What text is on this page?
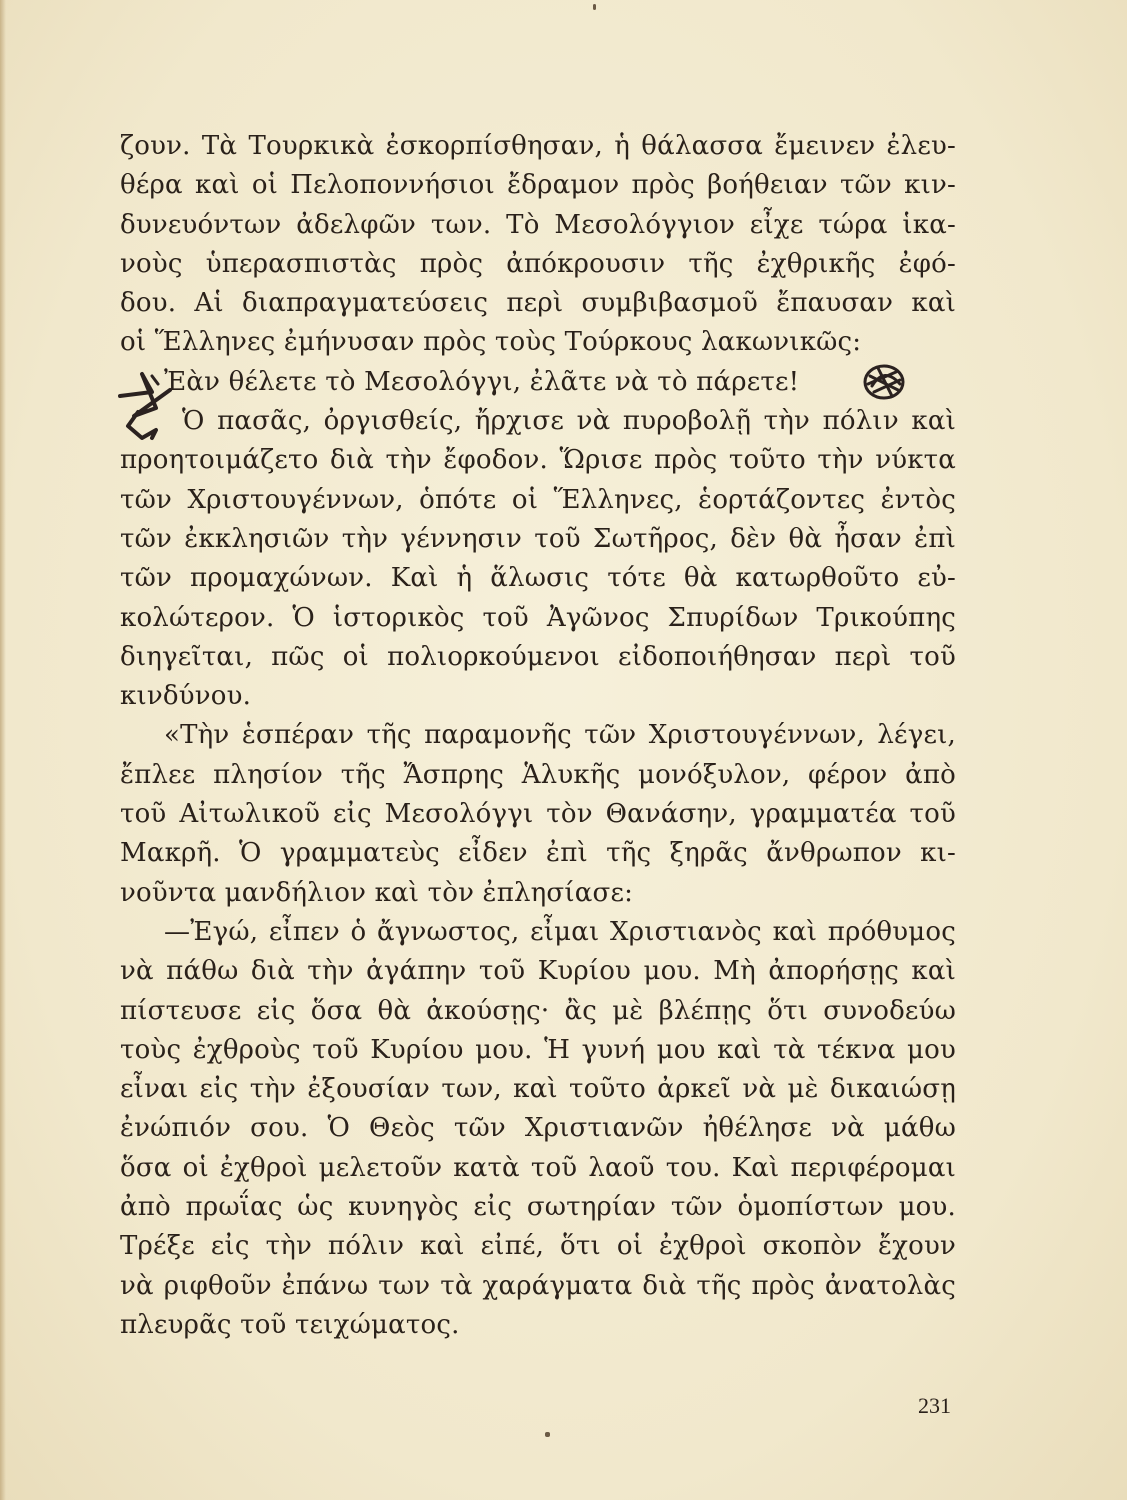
ζουν. Τὰ Τουρκικὰ ἐσκορπίσθησαν, ἡ θάλασσα ἔμεινεν ἐλευ-
θέρα καὶ οἱ Πελοποννήσιοι ἔδραμον πρὸς βοήθειαν τῶν κιν-
δυνευόντων ἀδελφῶν των. Τὸ Μεσολόγγιον εἶχε τώρα ἱκα-
νοὺς ὑπερασπιστὰς πρὸς ἀπόκρουσιν τῆς ἐχθρικῆς ἐφό-
δου. Αἱ διαπραγματεύσεις περὶ συμβιβασμοῦ ἔπαυσαν καὶ
οἱ Ἕλληνες ἐμήνυσαν πρὸς τοὺς Τούρκους λακωνικῶς:
Ἐὰν θέλετε τὸ Μεσολόγγι, ἐλᾶτε νὰ τὸ πάρετε!
Ὁ πασᾶς, ὀργισθείς, ἤρχισε νὰ πυροβολῇ τὴν πόλιν καὶ
προητοιμάζετο διὰ τὴν ἔφοδον. Ὥρισε πρὸς τοῦτο τὴν νύκτα
τῶν Χριστουγέννων, ὁπότε οἱ Ἕλληνες, ἑορτάζοντες ἐντὸς
τῶν ἐκκλησιῶν τὴν γέννησιν τοῦ Σωτῆρος, δὲν θὰ ἦσαν ἐπὶ
τῶν προμαχώνων. Καὶ ἡ ἅλωσις τότε θὰ κατωρθοῦτο εὐ-
κολώτερον. Ὁ ἱστορικὸς τοῦ Ἀγῶνος Σπυρίδων Τρικούπης
διηγεῖται, πῶς οἱ πολιορκούμενοι εἰδοποιήθησαν περὶ τοῦ
κινδύνου.
«Τὴν ἑσπέραν τῆς παραμονῆς τῶν Χριστουγέννων, λέγει,
ἔπλεε πλησίον τῆς Ἄσπρης Ἁλυκῆς μονόξυλον, φέρον ἀπὸ
τοῦ Αἰτωλικοῦ εἰς Μεσολόγγι τὸν Θανάσην, γραμματέα τοῦ
Μακρῆ. Ὁ γραμματεὺς εἶδεν ἐπὶ τῆς ξηρᾶς ἄνθρωπον κι-
νοῦντα μανδήλιον καὶ τὸν ἐπλησίασε:
—Ἐγώ, εἶπεν ὁ ἄγνωστος, εἶμαι Χριστιανὸς καὶ πρόθυμος
νὰ πάθω διὰ τὴν ἀγάπην τοῦ Κυρίου μου. Μὴ ἀπορήσῃς καὶ
πίστευσε εἰς ὅσα θὰ ἀκούσῃς· ἂς μὲ βλέπῃς ὅτι συνοδεύω
τοὺς ἐχθροὺς τοῦ Κυρίου μου. Ἡ γυνή μου καὶ τὰ τέκνα μου
εἶναι εἰς τὴν ἐξουσίαν των, καὶ τοῦτο ἀρκεῖ νὰ μὲ δικαιώσῃ
ἐνώπιόν σου. Ὁ Θεὸς τῶν Χριστιανῶν ἠθέλησε νὰ μάθω
ὅσα οἱ ἐχθροὶ μελετοῦν κατὰ τοῦ λαοῦ του. Καὶ περιφέρομαι
ἀπὸ πρωΐας ὡς κυνηγὸς εἰς σωτηρίαν τῶν ὁμοπίστων μου.
Τρέξε εἰς τὴν πόλιν καὶ εἰπέ, ὅτι οἱ ἐχθροὶ σκοπὸν ἔχουν
νὰ ριφθοῦν ἐπάνω των τὰ χαράγματα διὰ τῆς πρὸς ἀνατολὰς
πλευρᾶς τοῦ τειχώματος.
231
